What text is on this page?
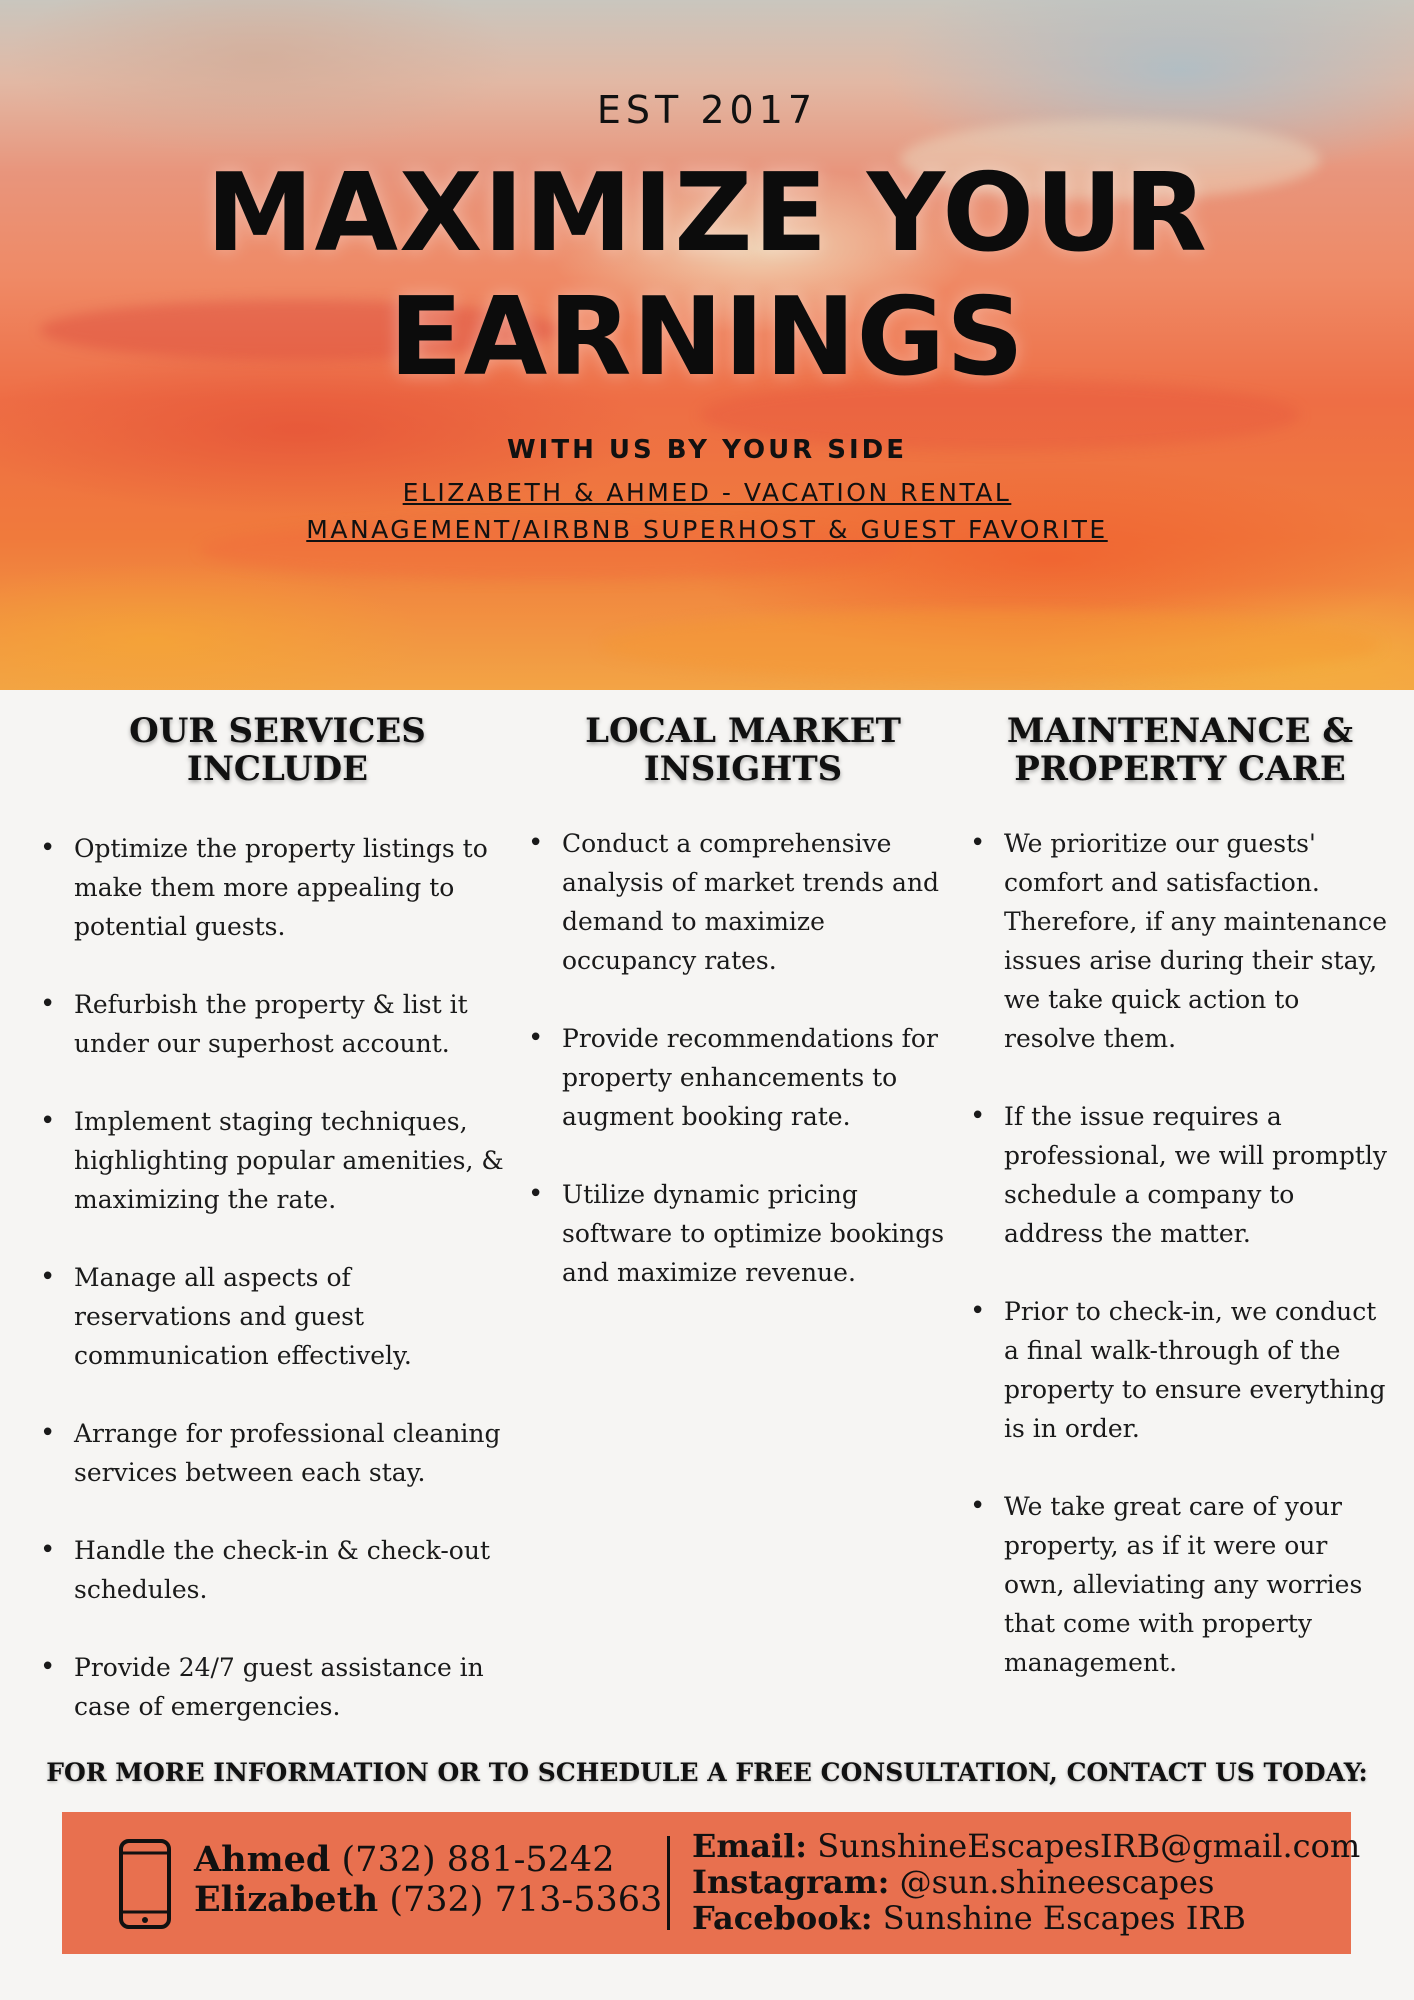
EST 2017
MAXIMIZE YOUR
EARNINGS
WITH US BY YOUR SIDE
ELIZABETH & AHMED - VACATION RENTAL
MANAGEMENT/AIRBNB SUPERHOST & GUEST FAVORITE
OUR SERVICES
INCLUDE
• Optimize the property listings to make them more appealing to potential guests.
• Refurbish the property & list it under our superhost account.
• Implement staging techniques, highlighting popular amenities, & maximizing the rate.
• Manage all aspects of reservations and guest communication effectively.
• Arrange for professional cleaning services between each stay.
• Handle the check-in & check-out schedules.
• Provide 24/7 guest assistance in case of emergencies.
LOCAL MARKET
INSIGHTS
• Conduct a comprehensive analysis of market trends and demand to maximize occupancy rates.
• Provide recommendations for property enhancements to augment booking rate.
• Utilize dynamic pricing software to optimize bookings and maximize revenue.
MAINTENANCE &
PROPERTY CARE
• We prioritize our guests' comfort and satisfaction. Therefore, if any maintenance issues arise during their stay, we take quick action to resolve them.
• If the issue requires a professional, we will promptly schedule a company to address the matter.
• Prior to check-in, we conduct a final walk-through of the property to ensure everything is in order.
• We take great care of your property, as if it were our own, alleviating any worries that come with property management.
FOR MORE INFORMATION OR TO SCHEDULE A FREE CONSULTATION, CONTACT US TODAY:
Ahmed (732) 881-5242
Elizabeth (732) 713-5363
Email: SunshineEscapesIRB@gmail.com
Instagram: @sun.shineescapes
Facebook: Sunshine Escapes IRB
